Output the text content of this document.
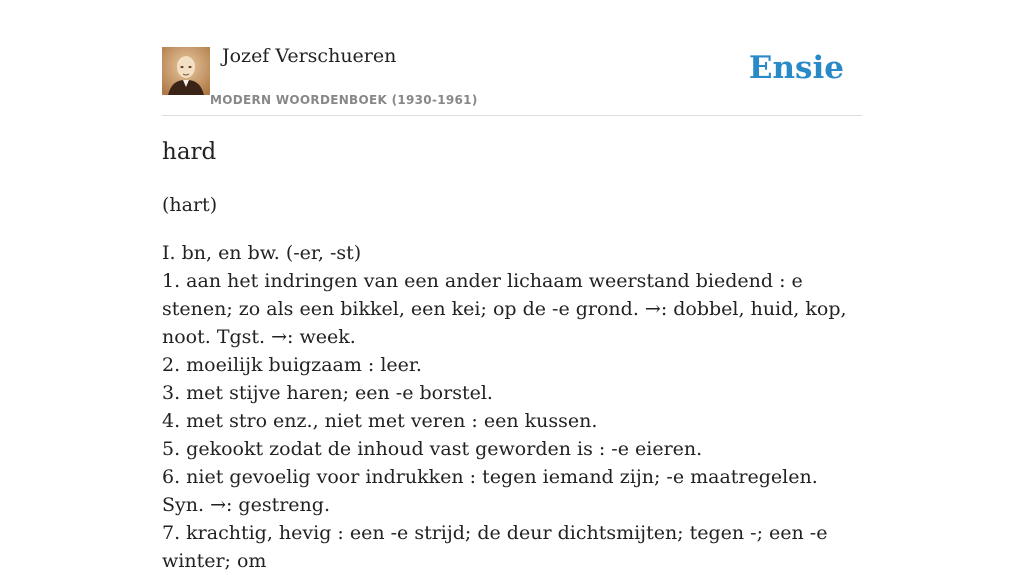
Jozef Verschueren
MODERN WOORDENBOEK (1930-1961)
Ensie
hard
(hart)
I. bn, en bw. (-er, -st)
1. aan het indringen van een ander lichaam weerstand biedend : e stenen; zo als een bikkel, een kei; op de -e grond. →: dobbel, huid, kop, noot. Tgst. →: week.
2. moeilijk buigzaam : leer.
3. met stijve haren; een -e borstel.
4. met stro enz., niet met veren : een kussen.
5. gekookt zodat de inhoud vast geworden is : -e eieren.
6. niet gevoelig voor indrukken : tegen iemand zijn; -e maatregelen. Syn. →: gestreng.
7. krachtig, hevig : een -e strijd; de deur dichtsmijten; tegen -; een -e winter; om
